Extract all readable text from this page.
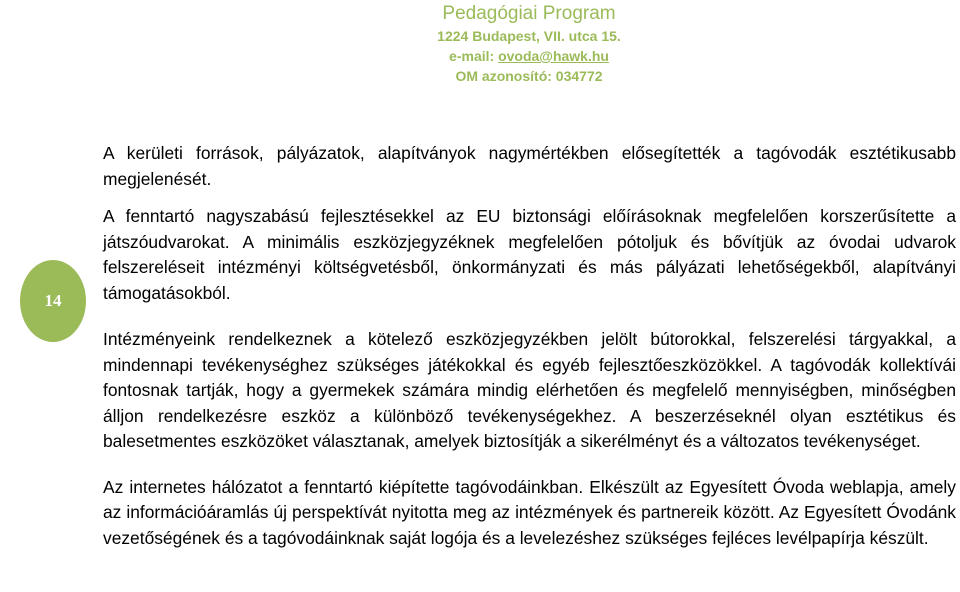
Pedagógiai Program
1224 Budapest, VII. utca 15.
e-mail: ovoda@hawk.hu
OM azonosító: 034772
14

A kerületi források, pályázatok, alapítványok nagymértékben elősegítették a tagóvodák esztétikusabb megjelenését.

A fenntartó nagyszabású fejlesztésekkel az EU biztonsági előírásoknak megfelelően korszerűsítette a játszóudvarokat. A minimális eszközjegyzéknek megfelelően pótoljuk és bővítjük az óvodai udvarok felszereléseit intézményi költségvetésből, önkormányzati és más pályázati lehetőségekből, alapítványi támogatásokból.

Intézményeink rendelkeznek a kötelező eszközjegyzékben jelölt bútorokkal, felszerelési tárgyakkal, a mindennapi tevékenységhez szükséges játékokkal és egyéb fejlesztőeszközökkel. A tagóvodák kollektívái fontosnak tartják, hogy a gyermekek számára mindig elérhetően és megfelelő mennyiségben, minőségben álljon rendelkezésre eszköz a különböző tevékenységekhez. A beszerzéseknél olyan esztétikus és balesetmentes eszközöket választanak, amelyek biztosítják a sikerélményt és a változatos tevékenységet.

Az internetes hálózatot a fenntartó kiépítette tagóvodáinkban. Elkészült az Egyesített Óvoda weblapja, amely az információáramlás új perspektívát nyitotta meg az intézmények és partnereik között. Az Egyesített Óvodánk vezetőségének és a tagóvodáinknak saját logója és a levelezéshez szükséges fejléces levélpapírja készült.
